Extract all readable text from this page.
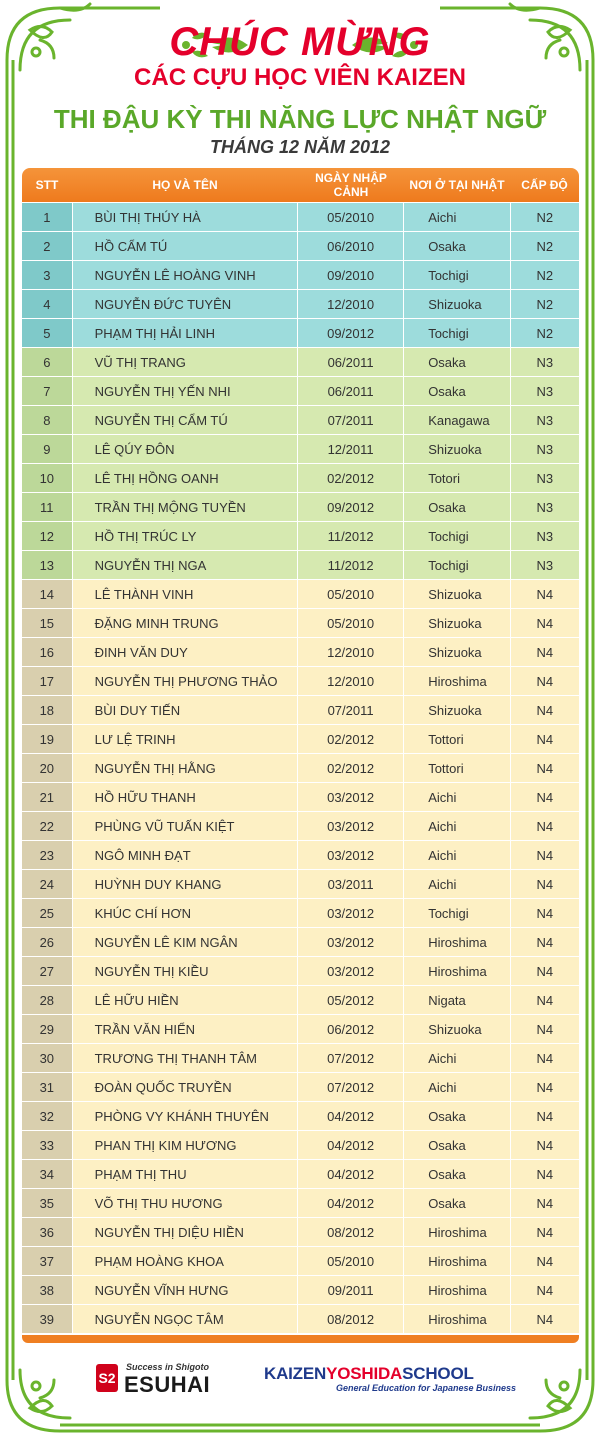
CHÚC MỪNG
CÁC CỰU HỌC VIÊN KAIZEN
THI ĐẬU KỲ THI NĂNG LỰC NHẬT NGỮ
THÁNG 12 NĂM 2012
STT	HỌ VÀ TÊN	NGÀY NHẬP CẢNH	NƠI Ở TẠI NHẬT	CẤP ĐỘ
1	BÙI THỊ THÚY HÀ	05/2010	Aichi	N2
2	HỒ CẨM TÚ	06/2010	Osaka	N2
3	NGUYỄN LÊ HOÀNG VINH	09/2010	Tochigi	N2
4	NGUYỄN ĐỨC TUYÊN	12/2010	Shizuoka	N2
5	PHẠM THỊ HẢI LINH	09/2012	Tochigi	N2
6	VŨ THỊ TRANG	06/2011	Osaka	N3
7	NGUYỄN THỊ YẾN NHI	06/2011	Osaka	N3
8	NGUYỄN THỊ CẨM TÚ	07/2011	Kanagawa	N3
9	LÊ QÚY ĐÔN	12/2011	Shizuoka	N3
10	LÊ THỊ HỒNG OANH	02/2012	Totori	N3
11	TRẦN THỊ MỘNG TUYỀN	09/2012	Osaka	N3
12	HỒ THỊ TRÚC LY	11/2012	Tochigi	N3
13	NGUYỄN THỊ NGA	11/2012	Tochigi	N3
14	LÊ THÀNH VINH	05/2010	Shizuoka	N4
15	ĐẶNG MINH TRUNG	05/2010	Shizuoka	N4
16	ĐINH VĂN DUY	12/2010	Shizuoka	N4
17	NGUYỄN THỊ PHƯƠNG THẢO	12/2010	Hiroshima	N4
18	BÙI DUY TIẾN	07/2011	Shizuoka	N4
19	LƯ LỆ TRINH	02/2012	Tottori	N4
20	NGUYỄN THỊ HẰNG	02/2012	Tottori	N4
21	HỒ HỮU THANH	03/2012	Aichi	N4
22	PHÙNG VŨ TUẤN KIỆT	03/2012	Aichi	N4
23	NGÔ MINH ĐẠT	03/2012	Aichi	N4
24	HUỲNH DUY KHANG	03/2011	Aichi	N4
25	KHÚC CHÍ HƠN	03/2012	Tochigi	N4
26	NGUYỄN LÊ KIM NGÂN	03/2012	Hiroshima	N4
27	NGUYỄN THỊ KIỀU	03/2012	Hiroshima	N4
28	LÊ HỮU HIỀN	05/2012	Nigata	N4
29	TRẦN VĂN HIỂN	06/2012	Shizuoka	N4
30	TRƯƠNG THỊ THANH TÂM	07/2012	Aichi	N4
31	ĐOÀN QUỐC TRUYỀN	07/2012	Aichi	N4
32	PHÒNG VY KHÁNH THUYÊN	04/2012	Osaka	N4
33	PHAN THỊ KIM HƯƠNG	04/2012	Osaka	N4
34	PHẠM THỊ THU	04/2012	Osaka	N4
35	VÕ THỊ THU HƯƠNG	04/2012	Osaka	N4
36	NGUYỄN THỊ DIỆU HIỀN	08/2012	Hiroshima	N4
37	PHẠM HOÀNG KHOA	05/2010	Hiroshima	N4
38	NGUYỄN VĨNH HƯNG	09/2011	Hiroshima	N4
39	NGUYỄN NGỌC TÂM	08/2012	Hiroshima	N4
S2
Success in Shigoto
ESUHAI	KAIZENYOSHIDASCHOOL
General Education for Japanese Business
